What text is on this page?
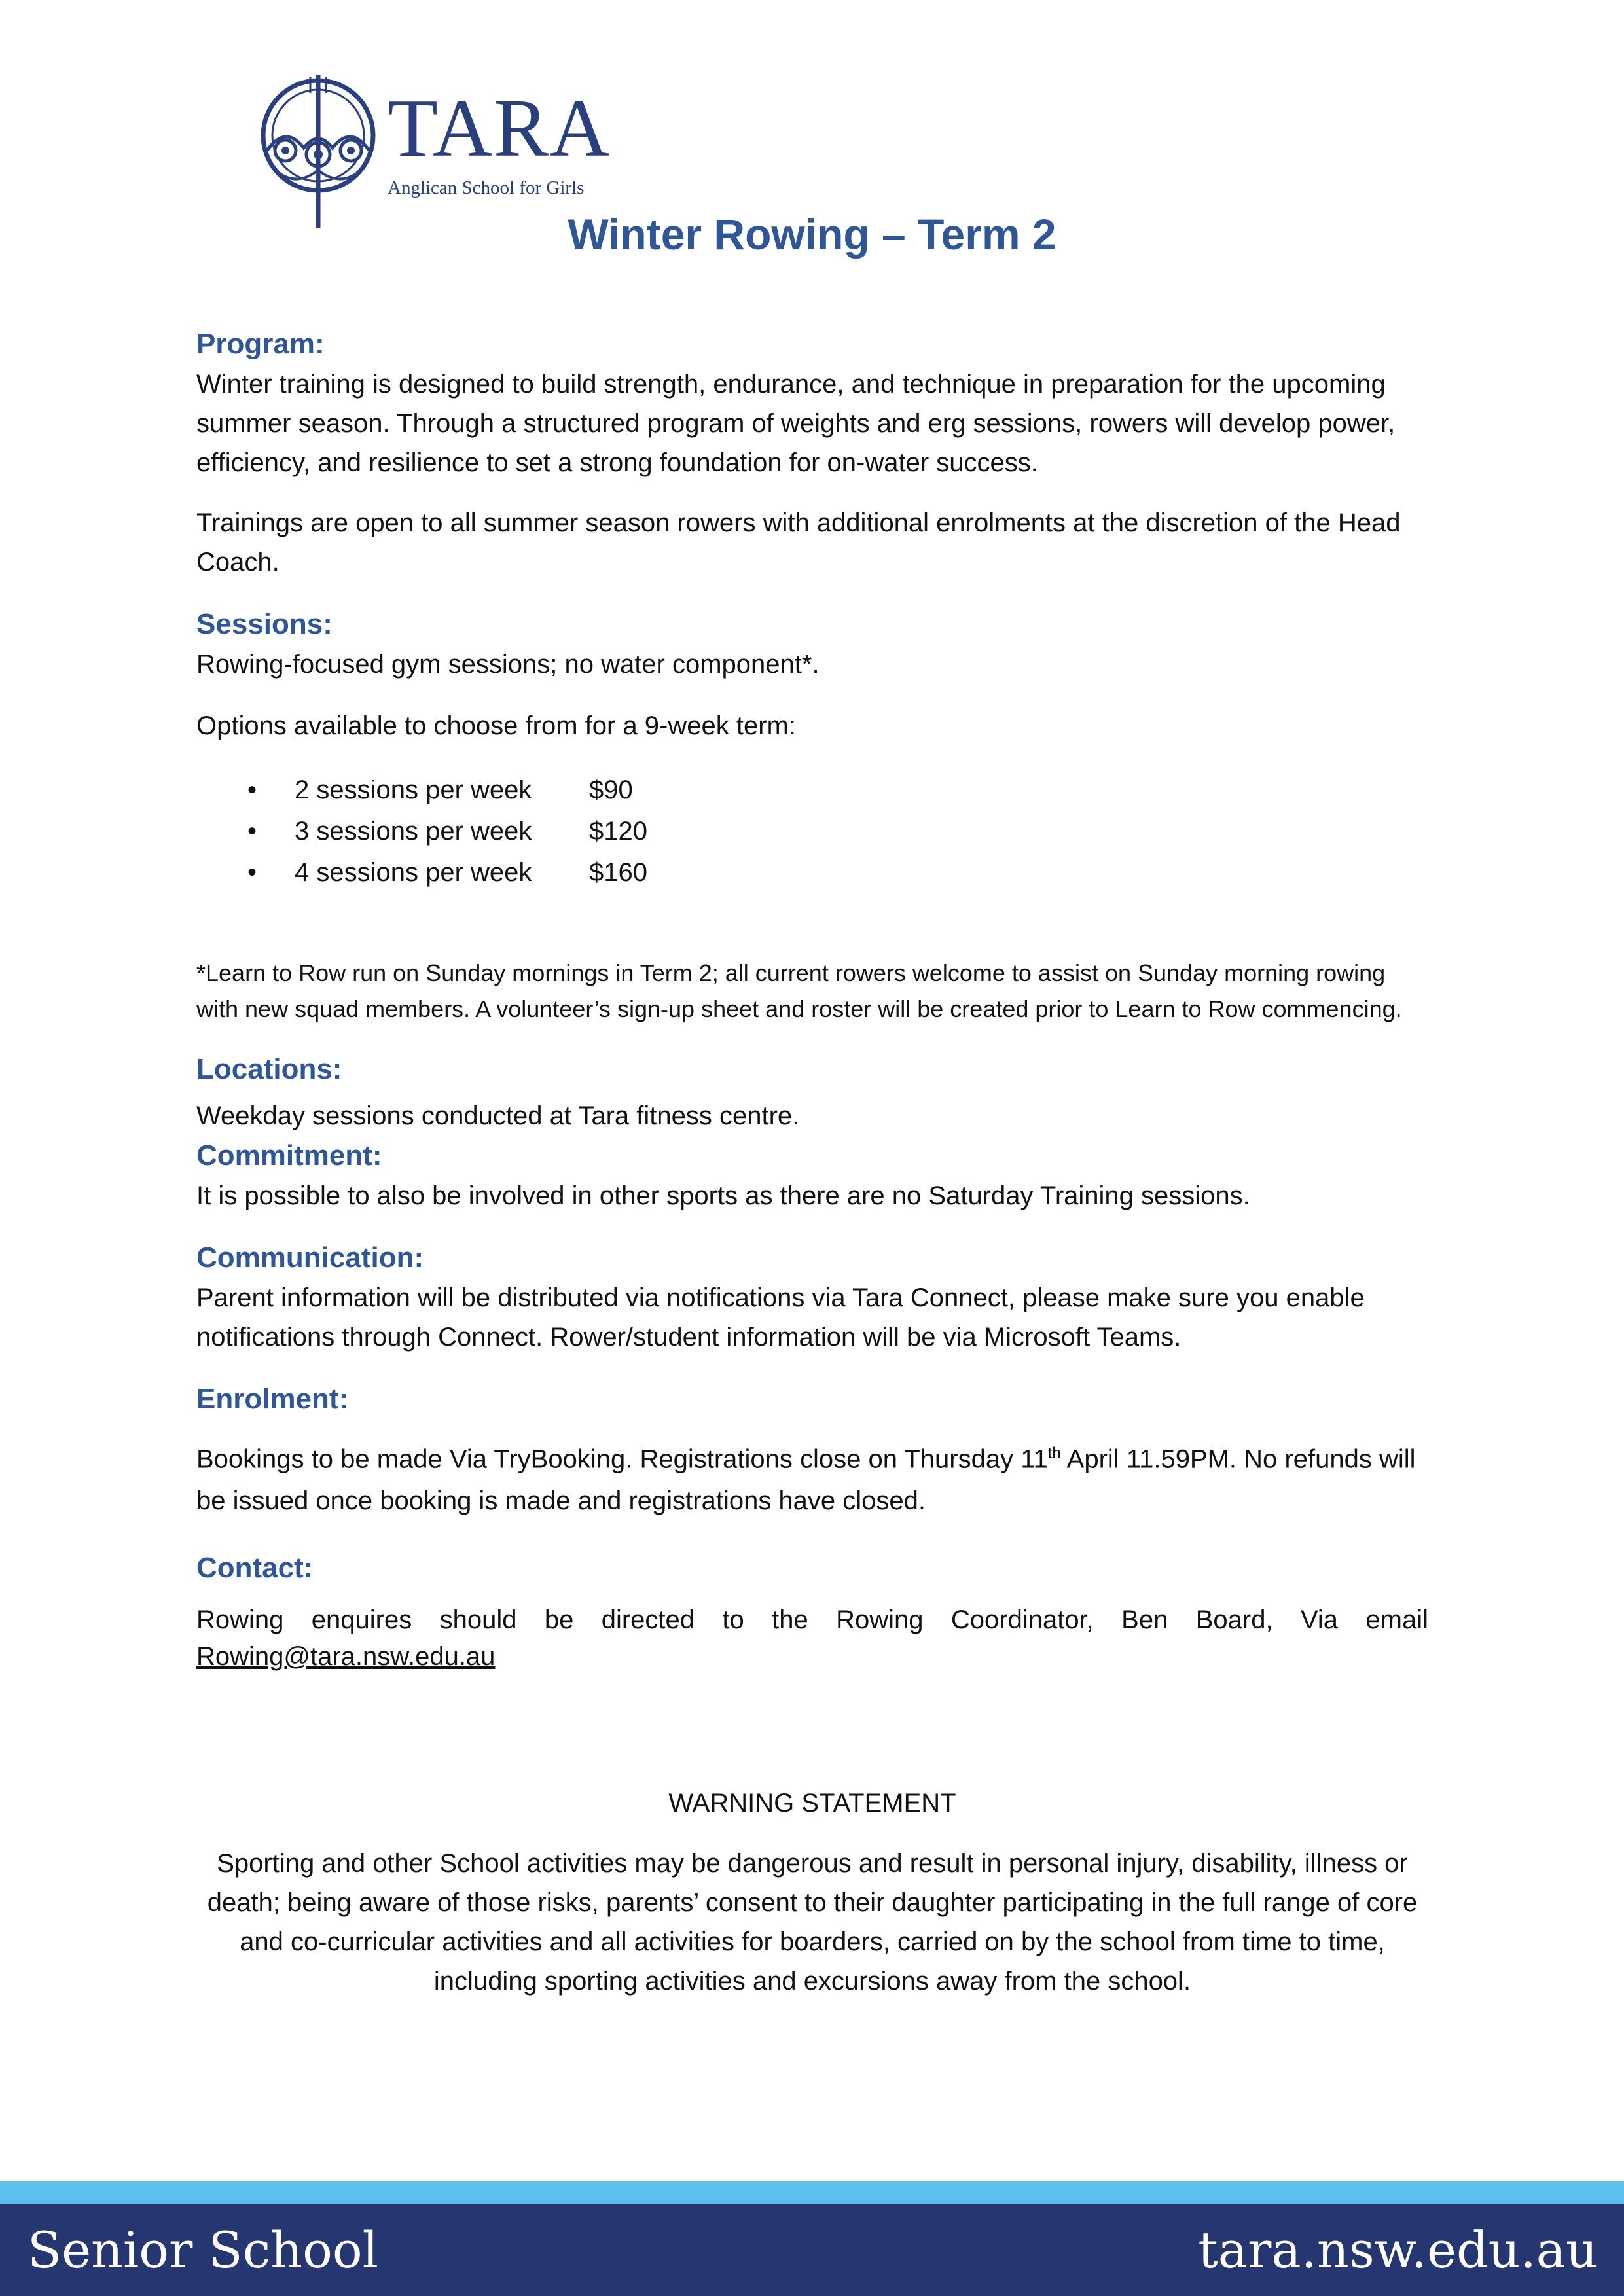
TARA
Anglican School for Girls
Winter Rowing – Term 2
Program:

Winter training is designed to build strength, endurance, and technique in preparation for the upcoming summer season. Through a structured program of weights and erg sessions, rowers will develop power, efficiency, and resilience to set a strong foundation for on-water success.

Trainings are open to all summer season rowers with additional enrolments at the discretion of the Head Coach.

Sessions:

Rowing-focused gym sessions; no water component*.

Options available to choose from for a 9-week term:

• 2 sessions per week $90
• 3 sessions per week $120
• 4 sessions per week $160

*Learn to Row run on Sunday mornings in Term 2; all current rowers welcome to assist on Sunday morning rowing with new squad members. A volunteer’s sign-up sheet and roster will be created prior to Learn to Row commencing.

Locations:

Weekday sessions conducted at Tara fitness centre.

Commitment:

It is possible to also be involved in other sports as there are no Saturday Training sessions.

Communication:

Parent information will be distributed via notifications via Tara Connect, please make sure you enable notifications through Connect. Rower/student information will be via Microsoft Teams.

Enrolment:

Bookings to be made Via TryBooking. Registrations close on Thursday 11th April 11.59PM. No refunds will be issued once booking is made and registrations have closed.

Contact:

Rowing enquires should be directed to the Rowing Coordinator, Ben Board, Via email

Rowing@tara.nsw.edu.au

WARNING STATEMENT

Sporting and other School activities may be dangerous and result in personal injury, disability, illness or death; being aware of those risks, parents’ consent to their daughter participating in the full range of core and co-curricular activities and all activities for boarders, carried on by the school from time to time, including sporting activities and excursions away from the school.

Senior School	tara.nsw.edu.au
